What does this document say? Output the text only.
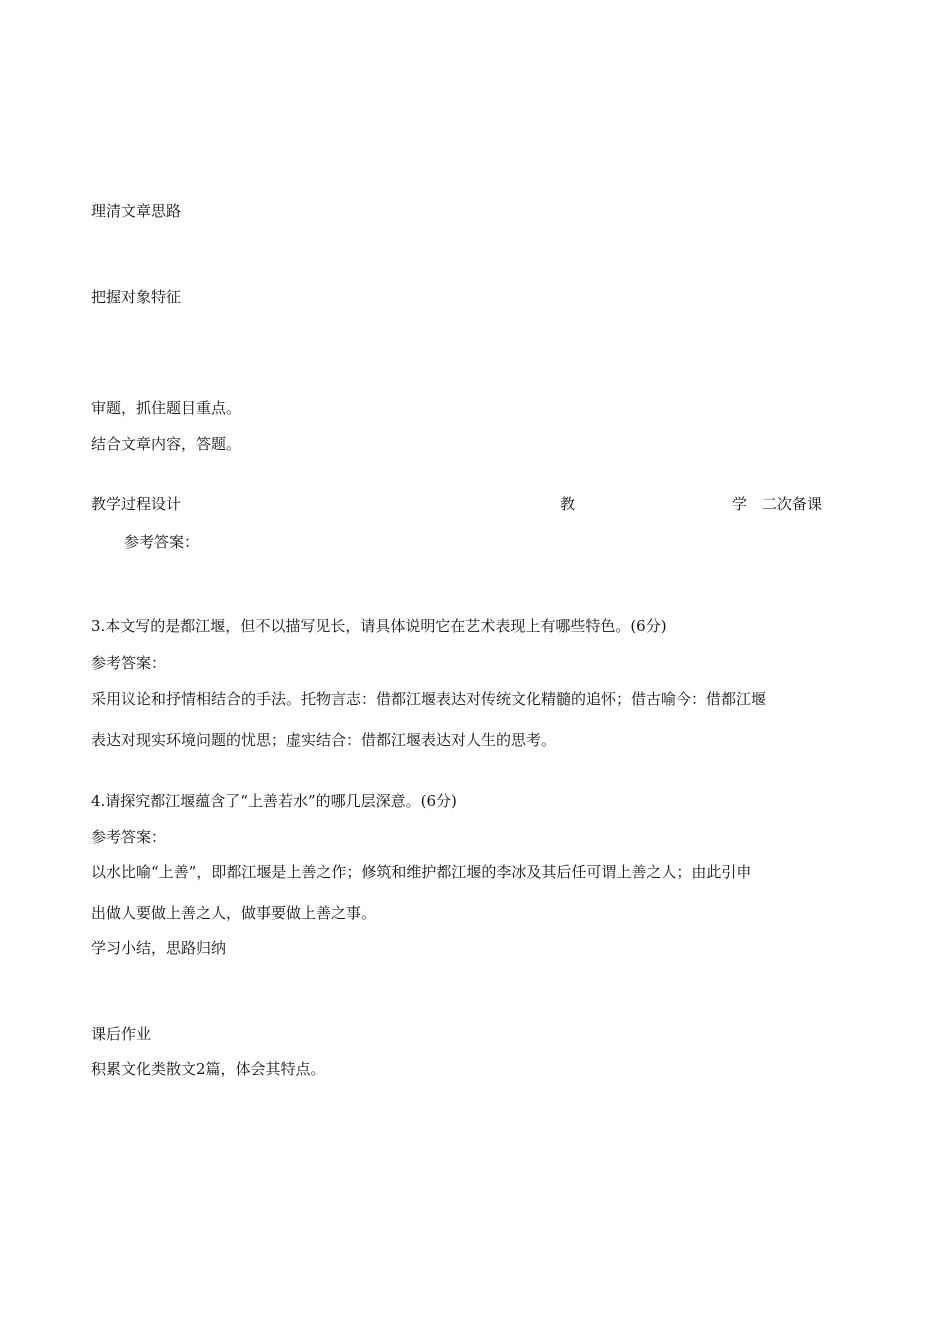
理清文章思路
把握对象特征
审题，抓住题目重点。
结合文章内容，答题。
教学过程设计	教	学 二次备课
参考答案：
3.本文写的是都江堰，但不以描写见长，请具体说明它在艺术表现上有哪些特色。(6分)
参考答案：
采用议论和抒情相结合的手法。托物言志：借都江堰表达对传统文化精髓的追怀；借古喻今：借都江堰
表达对现实环境问题的忧思；虚实结合：借都江堰表达对人生的思考。
4.请探究都江堰蕴含了“上善若水”的哪几层深意。(6分)
参考答案：
以水比喻“上善”，即都江堰是上善之作；修筑和维护都江堰的李冰及其后任可谓上善之人；由此引申
出做人要做上善之人，做事要做上善之事。
学习小结，思路归纳
课后作业
积累文化类散文2篇，体会其特点。
